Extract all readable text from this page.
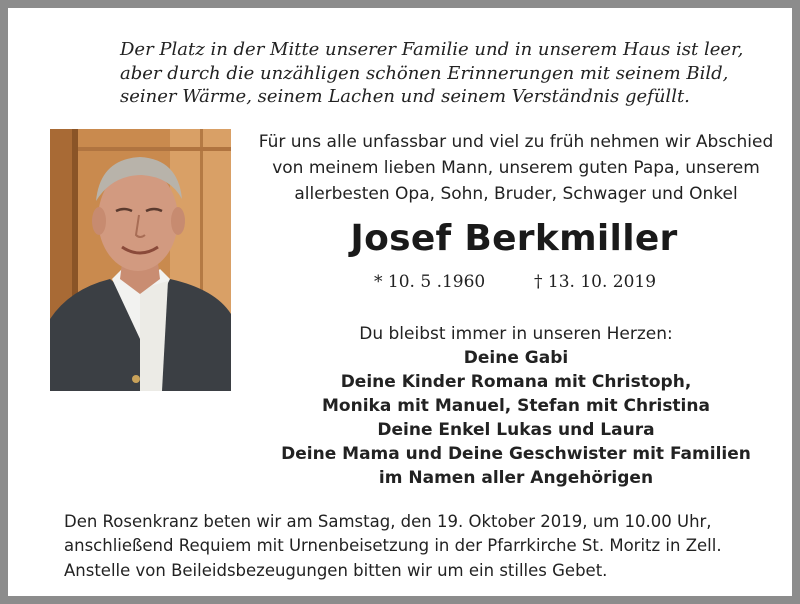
Der Platz in der Mitte unserer Familie und in unserem Haus ist leer,
aber durch die unzähligen schönen Erinnerungen mit seinem Bild,
seiner Wärme, seinem Lachen und seinem Verständnis gefüllt.
Für uns alle unfassbar und viel zu früh nehmen wir Abschied
von meinem lieben Mann, unserem guten Papa, unserem
allerbesten Opa, Sohn, Bruder, Schwager und Onkel
Josef Berkmiller
* 10. 5 .1960	† 13. 10. 2019
Du bleibst immer in unseren Herzen:
Deine Gabi
Deine Kinder Romana mit Christoph,
Monika mit Manuel, Stefan mit Christina
Deine Enkel Lukas und Laura
Deine Mama und Deine Geschwister mit Familien
im Namen aller Angehörigen
Den Rosenkranz beten wir am Samstag, den 19. Oktober 2019, um 10.00 Uhr,
anschließend Requiem mit Urnenbeisetzung in der Pfarrkirche St. Moritz in Zell.
Anstelle von Beileidsbezeugungen bitten wir um ein stilles Gebet.
